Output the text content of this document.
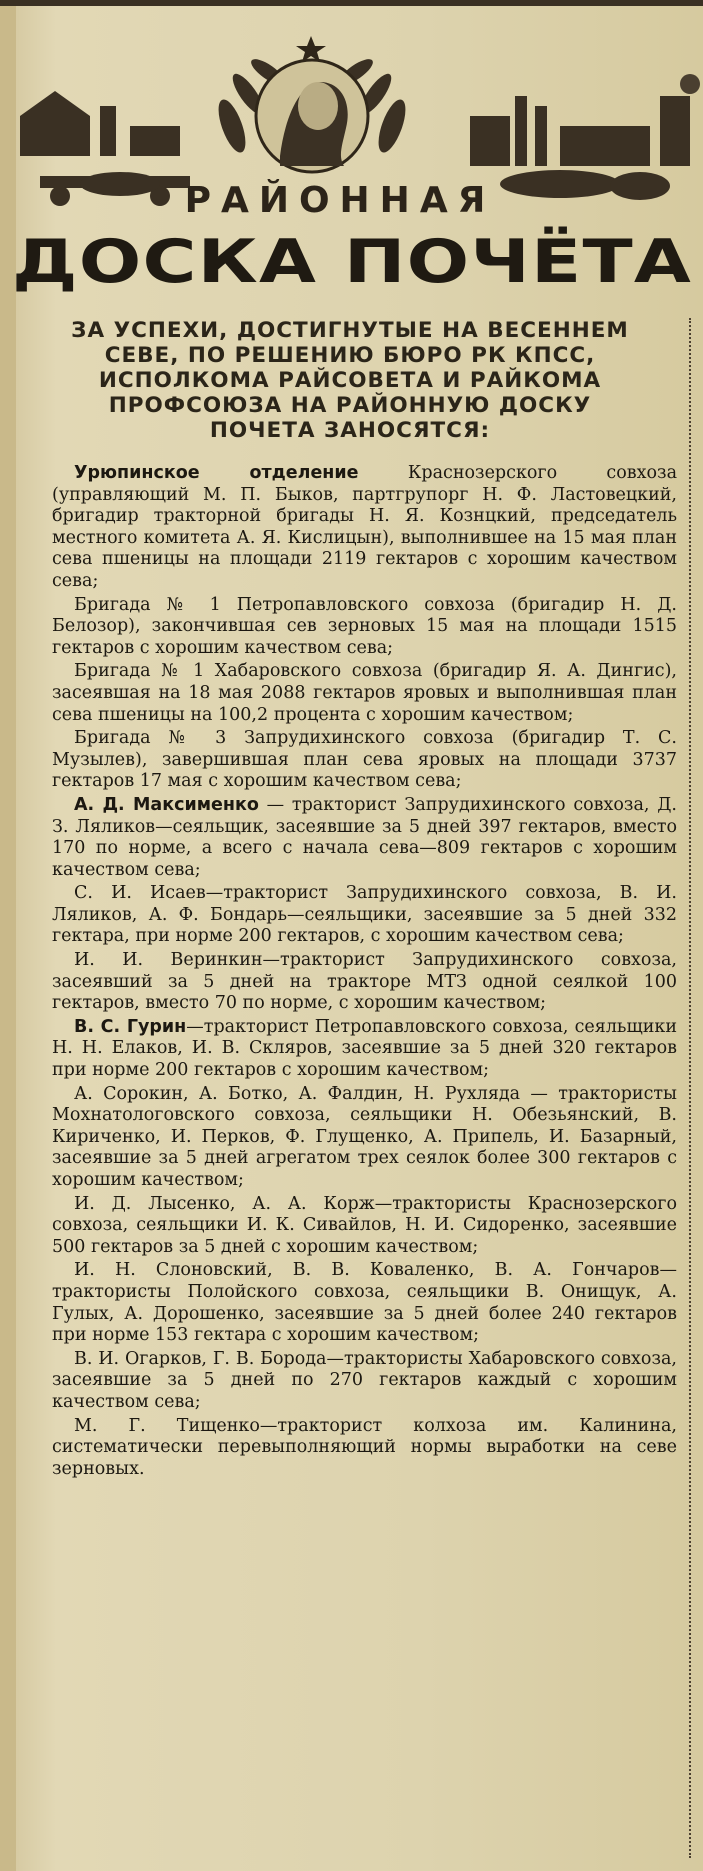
РАЙОННАЯ
ДОСКА ПОЧЁТА
ЗА УСПЕХИ, ДОСТИГНУТЫЕ НА ВЕСЕННЕМ
СЕВЕ, ПО РЕШЕНИЮ БЮРО РК КПСС,
ИСПОЛКОМА РАЙСОВЕТА И РАЙКОМА
ПРОФСОЮЗА НА РАЙОННУЮ ДОСКУ
ПОЧЕТА ЗАНОСЯТСЯ:

Урюпинское отделение Краснозерского совхоза (управляющий М. П. Быков, партгрупорг Н. Ф. Ластовецкий, бригадир тракторной бригады Н. Я. Кознцкий, председатель местного комитета А. Я. Кислицын), выполнившее на 15 мая план сева пшеницы на площади 2119 гектаров с хорошим качеством сева;

Бригада № 1 Петропавловского совхоза (бригадир Н. Д. Белозор), закончившая сев зерновых 15 мая на площади 1515 гектаров с хорошим качеством сева;

Бригада № 1 Хабаровского совхоза (бригадир Я. А. Дингис), засеявшая на 18 мая 2088 гектаров яровых и выполнившая план сева пшеницы на 100,2 процента с хорошим качеством;

Бригада № 3 Запрудихинского совхоза (бригадир Т. С. Музылев), завершившая план сева яровых на площади 3737 гектаров 17 мая с хорошим качеством сева;

А. Д. Максименко — тракторист Запрудихинского совхоза, Д. З. Ляликов—сеяльщик, засеявшие за 5 дней 397 гектаров, вместо 170 по норме, а всего с начала сева—809 гектаров с хорошим качеством сева;

С. И. Исаев—тракторист Запрудихинского совхоза, В. И. Ляликов, А. Ф. Бондарь—сеяльщики, засеявшие за 5 дней 332 гектара, при норме 200 гектаров, с хорошим качеством сева;

И. И. Веринкин—тракторист Запрудихинского совхоза, засеявший за 5 дней на тракторе МТЗ одной сеялкой 100 гектаров, вместо 70 по норме, с хорошим качеством;

В. С. Гурин—тракторист Петропавловского совхоза, сеяльщики Н. Н. Елаков, И. В. Скляров, засеявшие за 5 дней 320 гектаров при норме 200 гектаров с хорошим качеством;

А. Сорокин, А. Ботко, А. Фалдин, Н. Рухляда — трактористы Мохнатологовского совхоза, сеяльщики Н. Обезьянский, В. Кириченко, И. Перков, Ф. Глущенко, А. Припель, И. Базарный, засеявшие за 5 дней агрегатом трех сеялок более 300 гектаров с хорошим качеством;

И. Д. Лысенко, А. А. Корж—трактористы Краснозерского совхоза, сеяльщики И. К. Сивайлов, Н. И. Сидоренко, засеявшие 500 гектаров за 5 дней с хорошим качеством;

И. Н. Слоновский, В. В. Коваленко, В. А. Гончаров—трактористы Полойского совхоза, сеяльщики В. Онищук, А. Гулых, А. Дорошенко, засеявшие за 5 дней более 240 гектаров при норме 153 гектара с хорошим качеством;

В. И. Огарков, Г. В. Борода—трактористы Хабаровского совхоза, засеявшие за 5 дней по 270 гектаров каждый с хорошим качеством сева;

М. Г. Тищенко—тракторист колхоза им. Калинина, систематически перевыполняющий нормы выработки на севе зерновых.
